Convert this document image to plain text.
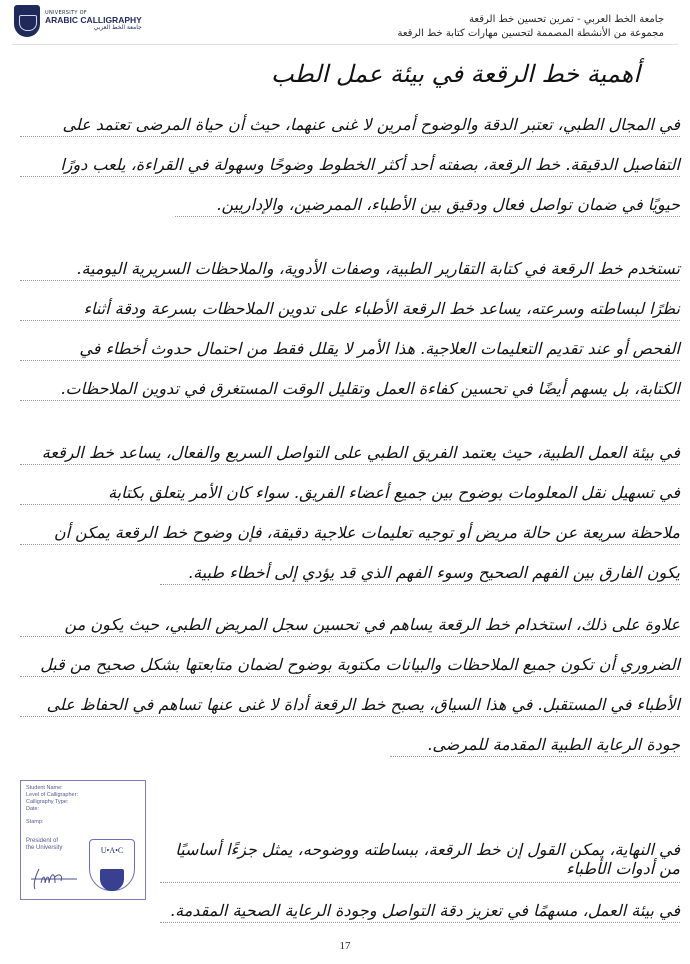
UNIVERSITY OF
ARABIC CALLIGRAPHY
جامعة الخط العربي
جامعة الخط العربي - تمرين تحسين خط الرقعة
مجموعة من الأنشطة المصممة لتحسين مهارات كتابة خط الرقعة
أهمية خط الرقعة في بيئة عمل الطب
في المجال الطبي، تعتبر الدقة والوضوح أمرين لا غنى عنهما، حيث أن حياة المرضى تعتمد على
التفاصيل الدقيقة. خط الرقعة، بصفته أحد أكثر الخطوط وضوحًا وسهولة في القراءة، يلعب دورًا
حيويًا في ضمان تواصل فعال ودقيق بين الأطباء، الممرضين، والإداريين.
تستخدم خط الرقعة في كتابة التقارير الطبية، وصفات الأدوية، والملاحظات السريرية اليومية.
نظرًا لبساطته وسرعته، يساعد خط الرقعة الأطباء على تدوين الملاحظات بسرعة ودقة أثناء
الفحص أو عند تقديم التعليمات العلاجية. هذا الأمر لا يقلل فقط من احتمال حدوث أخطاء في
الكتابة، بل يسهم أيضًا في تحسين كفاءة العمل وتقليل الوقت المستغرق في تدوين الملاحظات.
في بيئة العمل الطبية، حيث يعتمد الفريق الطبي على التواصل السريع والفعال، يساعد خط الرقعة
في تسهيل نقل المعلومات بوضوح بين جميع أعضاء الفريق. سواء كان الأمر يتعلق بكتابة
ملاحظة سريعة عن حالة مريض أو توجيه تعليمات علاجية دقيقة، فإن وضوح خط الرقعة يمكن أن
يكون الفارق بين الفهم الصحيح وسوء الفهم الذي قد يؤدي إلى أخطاء طبية.
علاوة على ذلك، استخدام خط الرقعة يساهم في تحسين سجل المريض الطبي، حيث يكون من
الضروري أن تكون جميع الملاحظات والبيانات مكتوبة بوضوح لضمان متابعتها بشكل صحيح من قبل
الأطباء في المستقبل. في هذا السياق، يصبح خط الرقعة أداة لا غنى عنها تساهم في الحفاظ على
جودة الرعاية الطبية المقدمة للمرضى.
Student Name:
Level of Calligrapher:
Calligraphy Type:
Date:
Stamp:
President of
the University	U•A•C	في النهاية، يمكن القول إن خط الرقعة، ببساطته ووضوحه، يمثل جزءًا أساسيًا من أدوات الأطباء
في بيئة العمل، مسهمًا في تعزيز دقة التواصل وجودة الرعاية الصحية المقدمة.
17
